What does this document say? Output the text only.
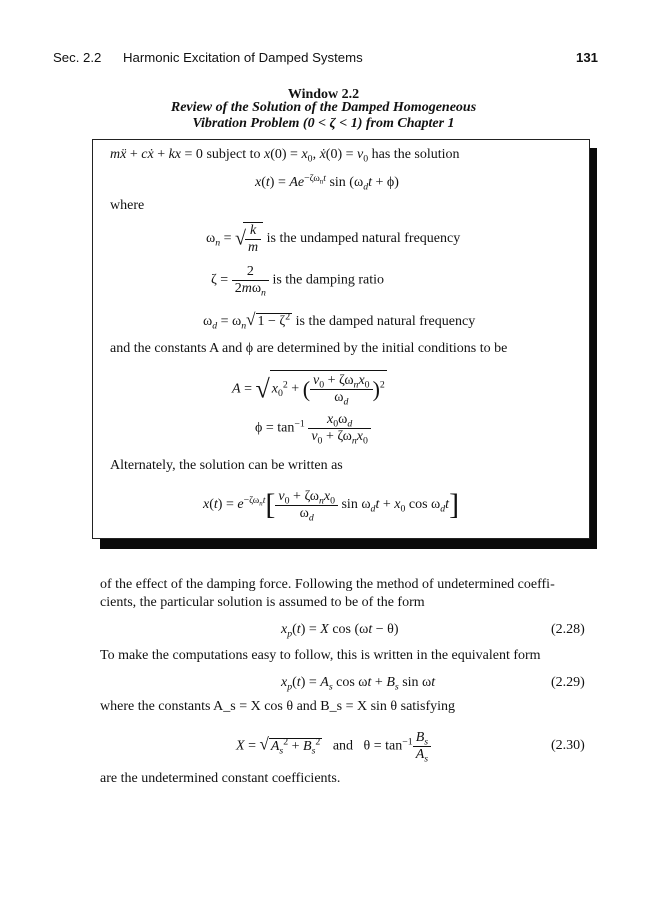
Sec. 2.2 Harmonic Excitation of Damped Systems	131
Window 2.2
Review of the Solution of the Damped Homogeneous
Vibration Problem (0 < ζ < 1) from Chapter 1
mẍ + cẋ + kx = 0 subject to $x(0) = x_0$, ẋ(0) = $v_0$ has the solution
$x(t) = Ae^{-\zeta\omega_nt}$ $\sin (\omega_dt + \phi)$
where
$\omega_n$ = √
$\frac{k}{m}$ is the undamped natural frequency
$\zeta = \frac{2}{2m\omega_n}$ is the damping ratio
$\omega_d = \omega_n√$ $1 - \zeta^2$ is the damped natural frequency
and the constants A and ϕ are determined by the initial conditions to be
A = √ $x_0^2$ + ( $\frac{v_0 + \zeta\omega_nx_0}{\omega_d} )^2$
$\phi = \tan^{-1} \frac{x_0\omega_d}{v_0 + \zeta\omega_nx_0}$
Alternately, the solution can be written as
$x(t) = e^{-\zeta\omega_nt}[ \frac{v_0 + \zeta\omega_nx_0}{\omega_d}$ $\sin \omega_dt + x_0$ $\cos \omega_dt$]
of the effect of the damping force. Following the method of undetermined coeffi-
cients, the particular solution is assumed to be of the form
$x_p(t) = X$ cos (ωt − θ)	(2.28)
To make the computations easy to follow, this is written in the equivalent form
$x_p(t) = A_s$ $\cos \omega t + B_s$ sin ωt	(2.29)
where the constants A_s = X cos θ and B_s = X sin θ satisfying
X = √ $A_s^2 + B_s^2$ and   $\theta = \tan^{-1} \frac{B_s}{A_s}$	(2.30)
are the undetermined constant coefficients.
